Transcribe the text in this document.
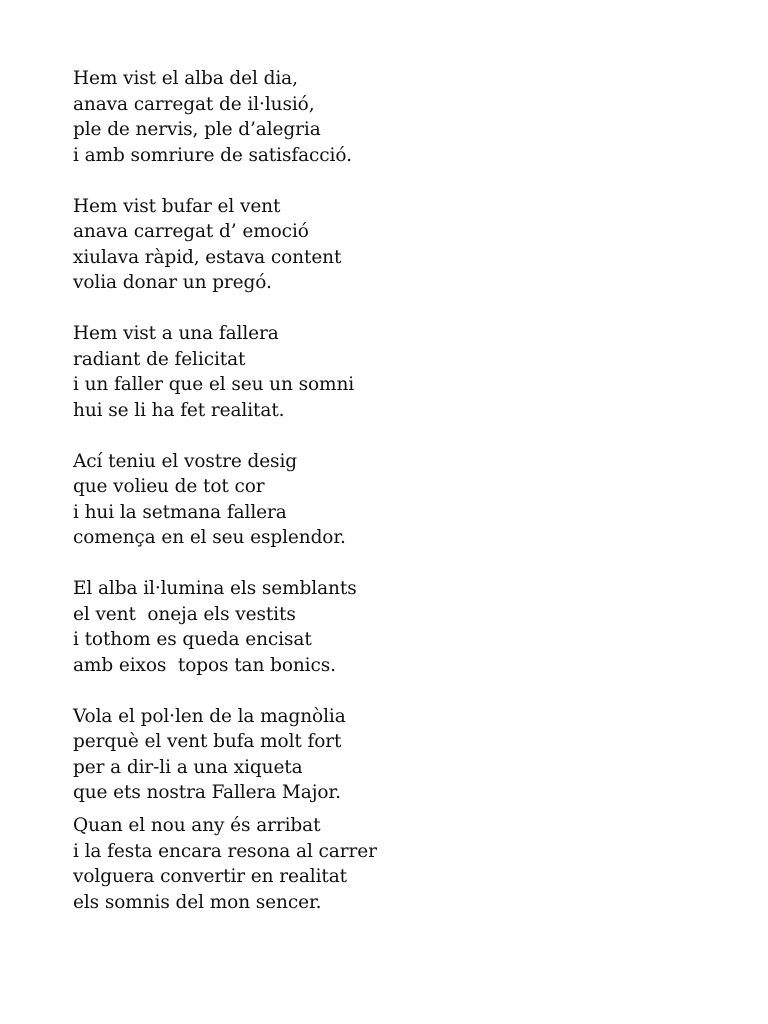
Hem vist el alba del dia,
anava carregat de il·lusió,
ple de nervis, ple d’alegria
i amb somriure de satisfacció.
Hem vist bufar el vent
anava carregat d’ emoció
xiulava ràpid, estava content
volia donar un pregó.
Hem vist a una fallera
radiant de felicitat
i un faller que el seu un somni
hui se li ha fet realitat.
Ací teniu el vostre desig
que volieu de tot cor
i hui la setmana fallera
comença en el seu esplendor.
El alba il·lumina els semblants
el vent  oneja els vestits
i tothom es queda encisat
amb eixos  topos tan bonics.
Vola el pol·len de la magnòlia
perquè el vent bufa molt fort
per a dir-li a una xiqueta
que ets nostra Fallera Major.
Quan el nou any és arribat
i la festa encara resona al carrer
volguera convertir en realitat
els somnis del mon sencer.
